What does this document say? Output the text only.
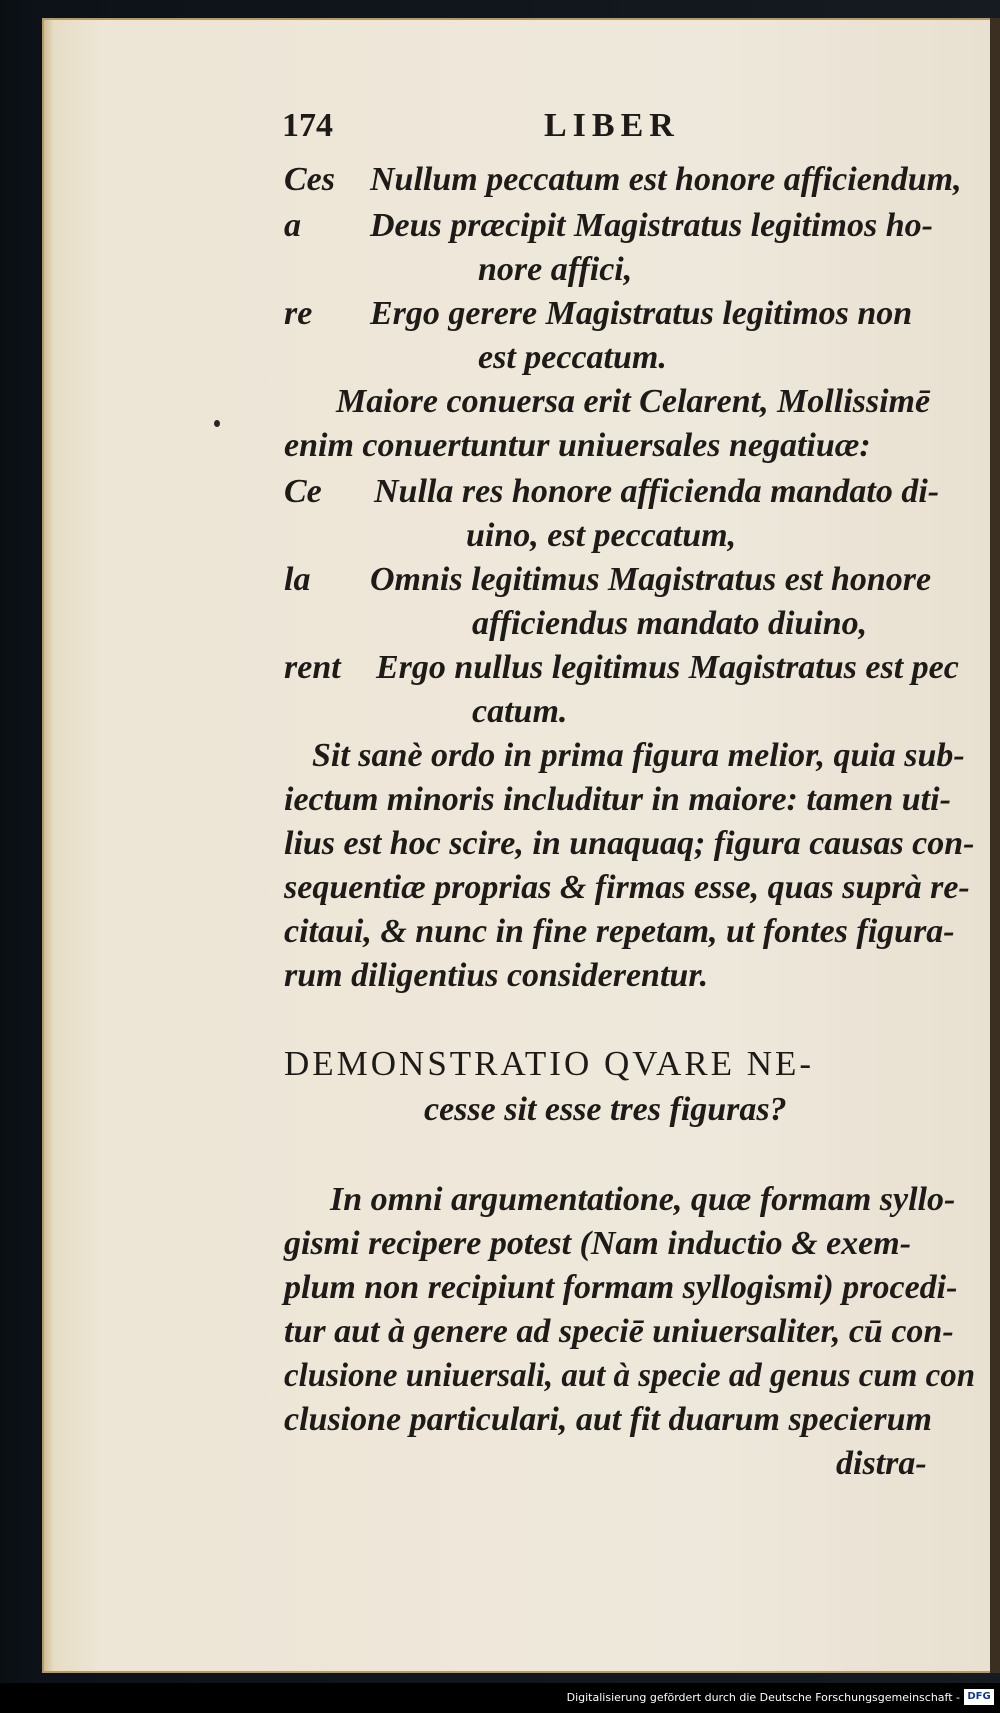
174	LIBER
Ces Nullum peccatum est honore afficiendum,
a Deus præcipit Magistratus legitimos ho-
nore affici,
re Ergo gerere Magistratus legitimos non
est peccatum.
Maiore conuersa erit Celarent, Mollissimē
enim conuertuntur uniuersales negatiuæ:
Ce Nulla res honore afficienda mandato di-
uino, est peccatum,
la Omnis legitimus Magistratus est honore
afficiendus mandato diuino,
rent Ergo nullus legitimus Magistratus est pec
catum.
Sit sanè ordo in prima figura melior, quia sub-
iectum minoris includitur in maiore: tamen uti-
lius est hoc scire, in unaquaq; figura causas con-
sequentiæ proprias & firmas esse, quas suprà re-
citaui, & nunc in fine repetam, ut fontes figura-
rum diligentius considerentur.
DEMONSTRATIO QVARE NE-
cesse sit esse tres figuras?
In omni argumentatione, quæ formam syllo-
gismi recipere potest (Nam inductio & exem-
plum non recipiunt formam syllogismi) procedi-
tur aut à genere ad speciē uniuersaliter, cū con-
clusione uniuersali, aut à specie ad genus cum con
clusione particulari, aut fit duarum specierum
distra-
Digitalisierung gefördert durch die Deutsche Forschungsgemeinschaft - DFG
